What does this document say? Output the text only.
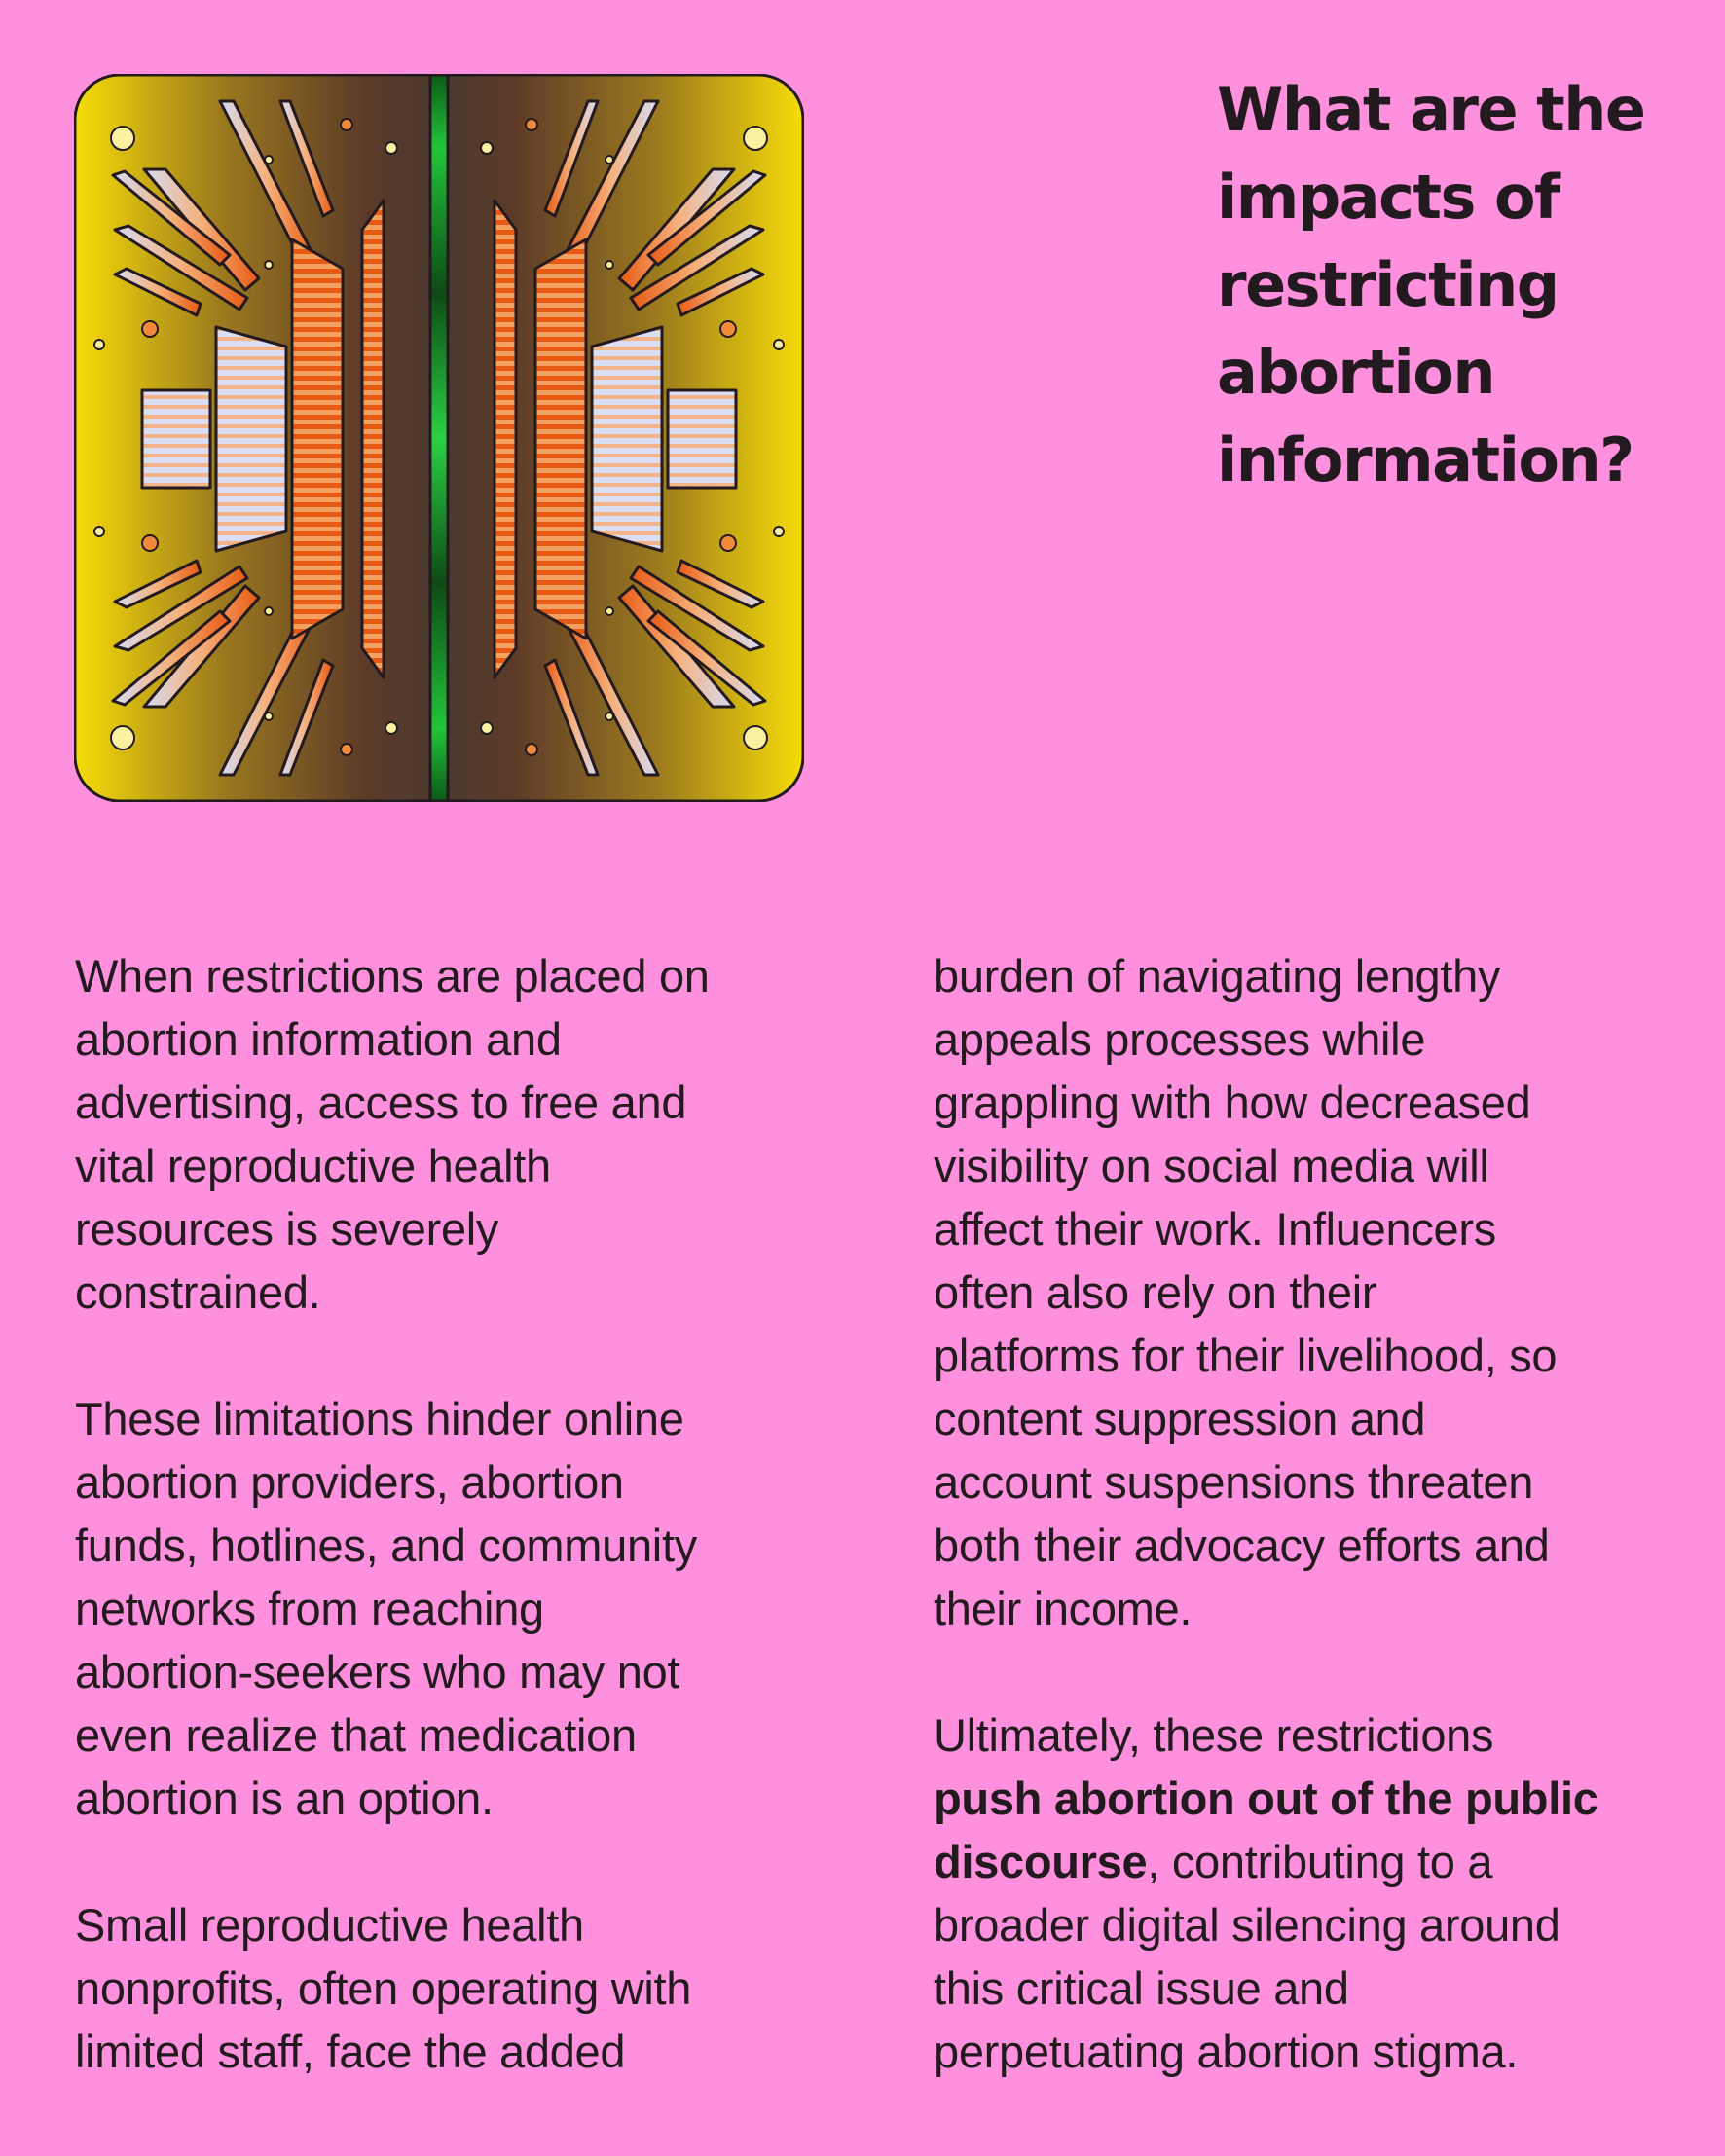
What are the
impacts of
restricting
abortion
information?

When restrictions are placed on
abortion information and
advertising, access to free and
vital reproductive health
resources is severely
constrained.

These limitations hinder online
abortion providers, abortion
funds, hotlines, and community
networks from reaching
abortion-seekers who may not
even realize that medication
abortion is an option.

Small reproductive health
nonprofits, often operating with
limited staff, face the added

burden of navigating lengthy
appeals processes while
grappling with how decreased
visibility on social media will
affect their work. Influencers
often also rely on their
platforms for their livelihood, so
content suppression and
account suspensions threaten
both their advocacy efforts and
their income.

Ultimately, these restrictions
push abortion out of the public
discourse, contributing to a
broader digital silencing around
this critical issue and
perpetuating abortion stigma.
